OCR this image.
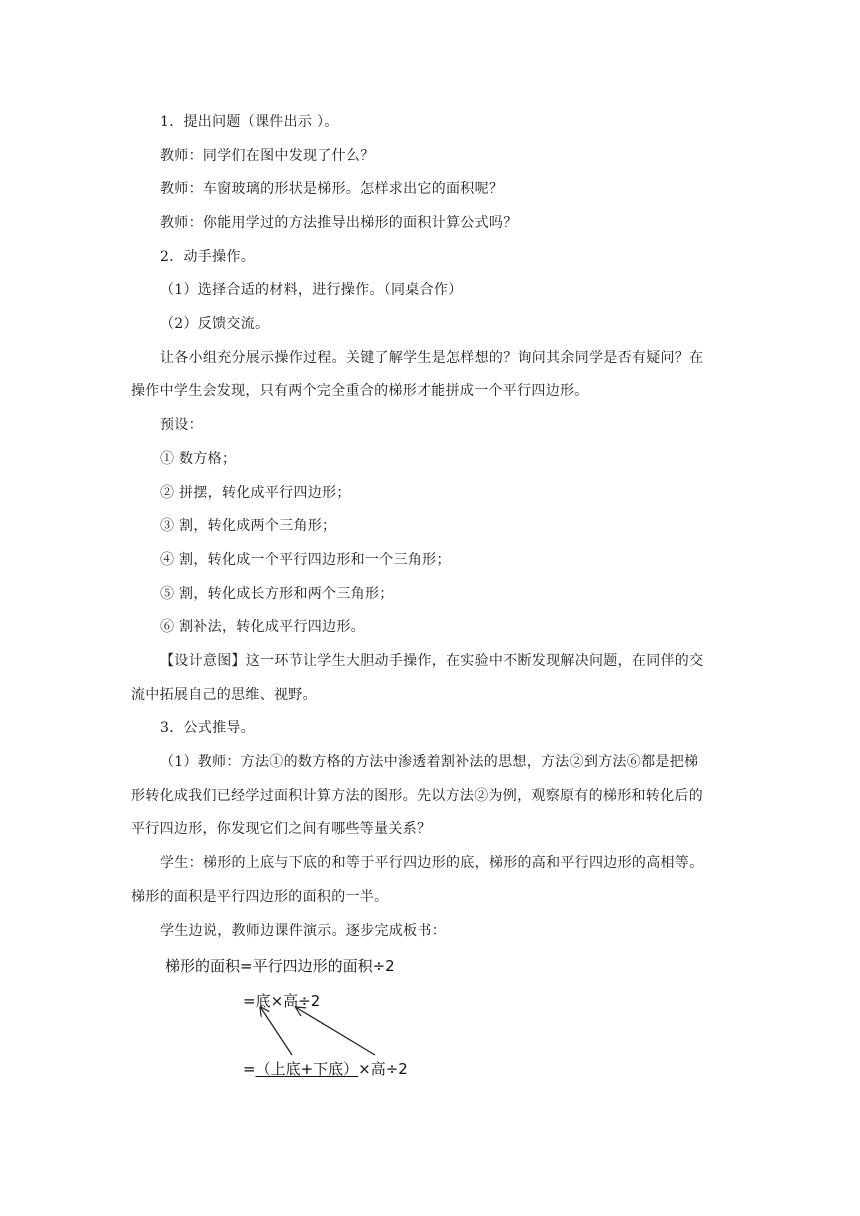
1．提出问题（课件出示 ）。
教师：同学们在图中发现了什么？
教师：车窗玻璃的形状是梯形。怎样求出它的面积呢？
教师：你能用学过的方法推导出梯形的面积计算公式吗？
2．动手操作。
（1）选择合适的材料，进行操作。（同桌合作）
（2）反馈交流。
让各小组充分展示操作过程。关键了解学生是怎样想的？询问其余同学是否有疑问？在
操作中学生会发现，只有两个完全重合的梯形才能拼成一个平行四边形。
预设：
① 数方格；
② 拼摆，转化成平行四边形；
③ 割，转化成两个三角形；
④ 割，转化成一个平行四边形和一个三角形；
⑤ 割，转化成长方形和两个三角形；
⑥ 割补法，转化成平行四边形。
【设计意图】这一环节让学生大胆动手操作，在实验中不断发现解决问题，在同伴的交
流中拓展自己的思维、视野。
3．公式推导。
（1）教师：方法①的数方格的方法中渗透着割补法的思想，方法②到方法⑥都是把梯
形转化成我们已经学过面积计算方法的图形。先以方法②为例，观察原有的梯形和转化后的
平行四边形，你发现它们之间有哪些等量关系？
学生：梯形的上底与下底的和等于平行四边形的底，梯形的高和平行四边形的高相等。
梯形的面积是平行四边形的面积的一半。
学生边说，教师边课件演示。逐步完成板书：
梯形的面积=平行四边形的面积÷2
=底×高÷2
=（上底+下底）×高÷2
